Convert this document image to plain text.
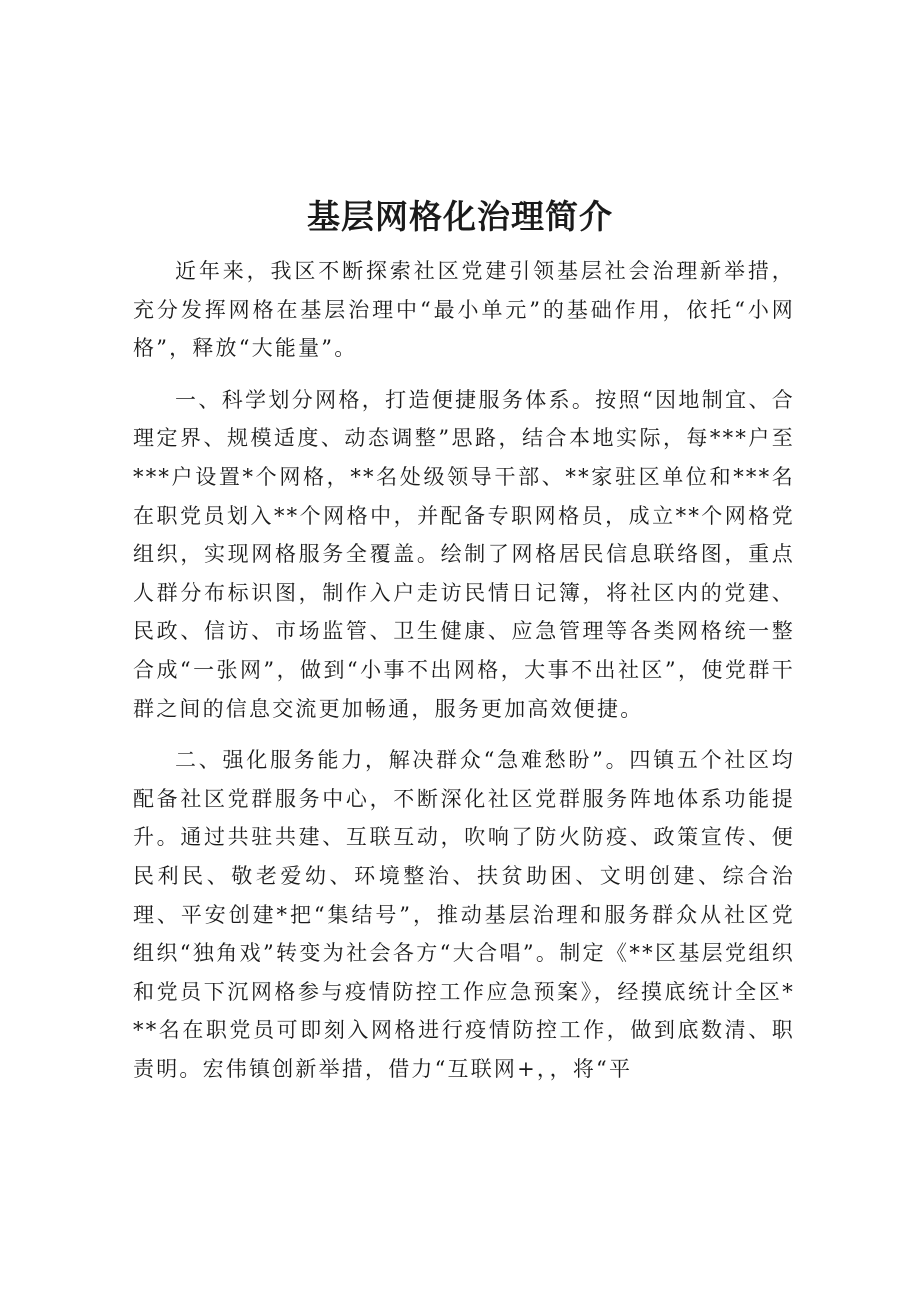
基层网格化治理简介

近年来，我区不断探索社区党建引领基层社会治理新举措，充分发挥网格在基层治理中“最小单元”的基础作用，依托“小网格”，释放“大能量”。

一、科学划分网格，打造便捷服务体系。按照“因地制宜、合理定界、规模适度、动态调整”思路，结合本地实际，每***户至***户设置*个网格，**名处级领导干部、**家驻区单位和***名在职党员划入**个网格中，并配备专职网格员，成立**个网格党组织，实现网格服务全覆盖。绘制了网格居民信息联络图，重点人群分布标识图，制作入户走访民情日记簿，将社区内的党建、民政、信访、市场监管、卫生健康、应急管理等各类网格统一整合成“一张网”，做到“小事不出网格，大事不出社区”，使党群干群之间的信息交流更加畅通，服务更加高效便捷。

二、强化服务能力，解决群众“急难愁盼”。四镇五个社区均配备社区党群服务中心，不断深化社区党群服务阵地体系功能提升。通过共驻共建、互联互动，吹响了防火防疫、政策宣传、便民利民、敬老爱幼、环境整治、扶贫助困、文明创建、综合治理、平安创建*把“集结号”，推动基层治理和服务群众从社区党组织“独角戏”转变为社会各方“大合唱”。制定《**区基层党组织和党员下沉网格参与疫情防控工作应急预案》，经摸底统计全区***名在职党员可即刻入网格进行疫情防控工作，做到底数清、职责明。宏伟镇创新举措，借力“互联网+，，将“平
